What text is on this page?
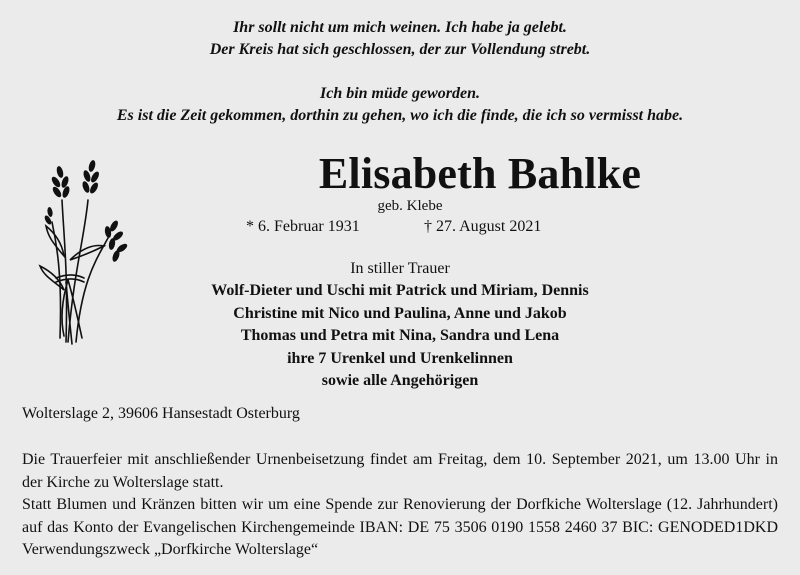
Ihr sollt nicht um mich weinen. Ich habe ja gelebt.
Der Kreis hat sich geschlossen, der zur Vollendung strebt.
Ich bin müde geworden.
Es ist die Zeit gekommen, dorthin zu gehen, wo ich die finde, die ich so vermisst habe.
Elisabeth Bahlke
geb. Klebe
* 6. Februar 1931	† 27. August 2021
In stiller Trauer
Wolf-Dieter und Uschi mit Patrick und Miriam, Dennis
Christine mit Nico und Paulina, Anne und Jakob
Thomas und Petra mit Nina, Sandra und Lena
ihre 7 Urenkel und Urenkelinnen
sowie alle Angehörigen
Wolterslage 2, 39606 Hansestadt Osterburg

Die Trauerfeier mit anschließender Urnenbeisetzung findet am Freitag, dem 10. September 2021, um 13.00 Uhr in der Kirche zu Wolterslage statt.

Statt Blumen und Kränzen bitten wir um eine Spende zur Renovierung der Dorfkiche Wolterslage (12. Jahrhundert) auf das Konto der Evangelischen Kirchengemeinde IBAN: DE 75 3506 0190 1558 2460 37 BIC: GENODED1DKD Verwendungszweck „Dorfkirche Wolterslage“
